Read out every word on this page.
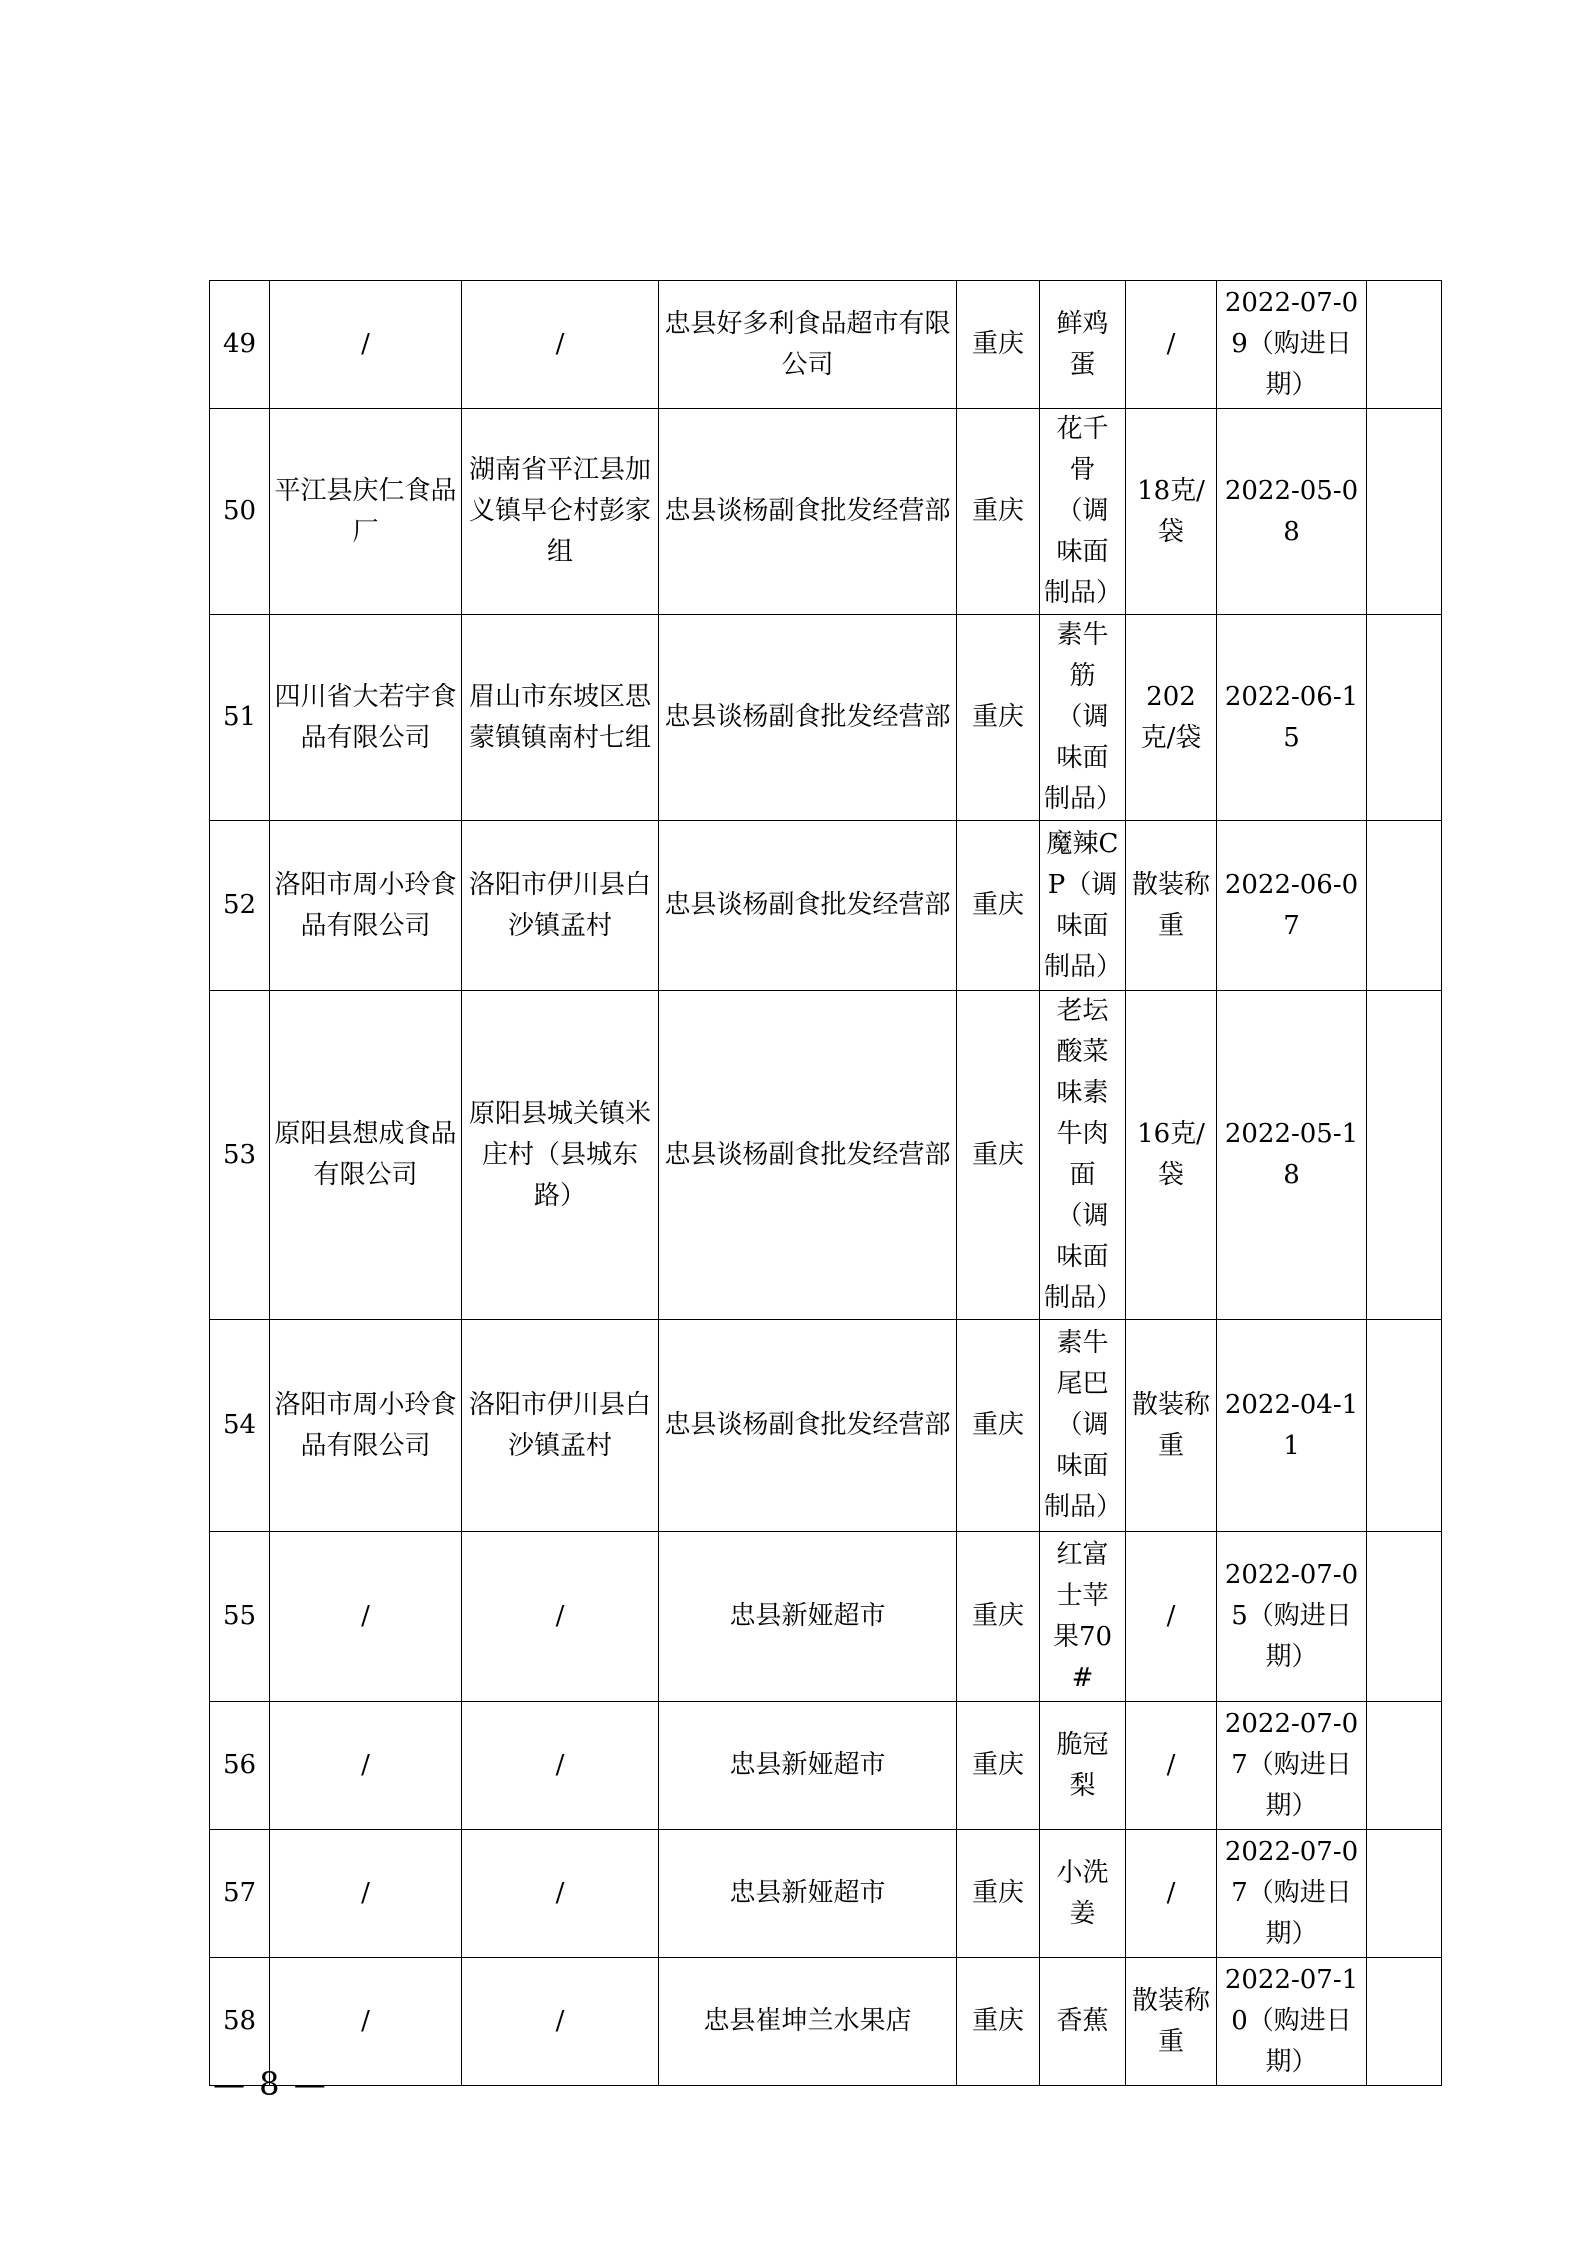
49	/	/	忠县好多利食品超市有限公司	重庆	鲜鸡蛋	/	2022-07-09（购进日期）	
50	平江县庆仁食品厂	湖南省平江县加义镇早仑村彭家组	忠县谈杨副食批发经营部	重庆	花千骨（调味面制品）	18克/袋	2022-05-08	
51	四川省大若宇食品有限公司	眉山市东坡区思蒙镇镇南村七组	忠县谈杨副食批发经营部	重庆	素牛筋（调味面制品）	202克/袋	2022-06-15	
52	洛阳市周小玲食品有限公司	洛阳市伊川县白沙镇孟村	忠县谈杨副食批发经营部	重庆	魔辣CP（调味面制品）	散装称重	2022-06-07	
53	原阳县想成食品有限公司	原阳县城关镇米庄村（县城东路）	忠县谈杨副食批发经营部	重庆	老坛酸菜味素牛肉面（调味面制品）	16克/袋	2022-05-18	
54	洛阳市周小玲食品有限公司	洛阳市伊川县白沙镇孟村	忠县谈杨副食批发经营部	重庆	素牛尾巴（调味面制品）	散装称重	2022-04-11	
55	/	/	忠县新娅超市	重庆	红富士苹果70#	/	2022-07-05（购进日期）	
56	/	/	忠县新娅超市	重庆	脆冠梨	/	2022-07-07（购进日期）	
57	/	/	忠县新娅超市	重庆	小洗姜	/	2022-07-07（购进日期）	
58	/	/	忠县崔坤兰水果店	重庆	香蕉	散装称重	2022-07-10（购进日期）	
— 8 —
